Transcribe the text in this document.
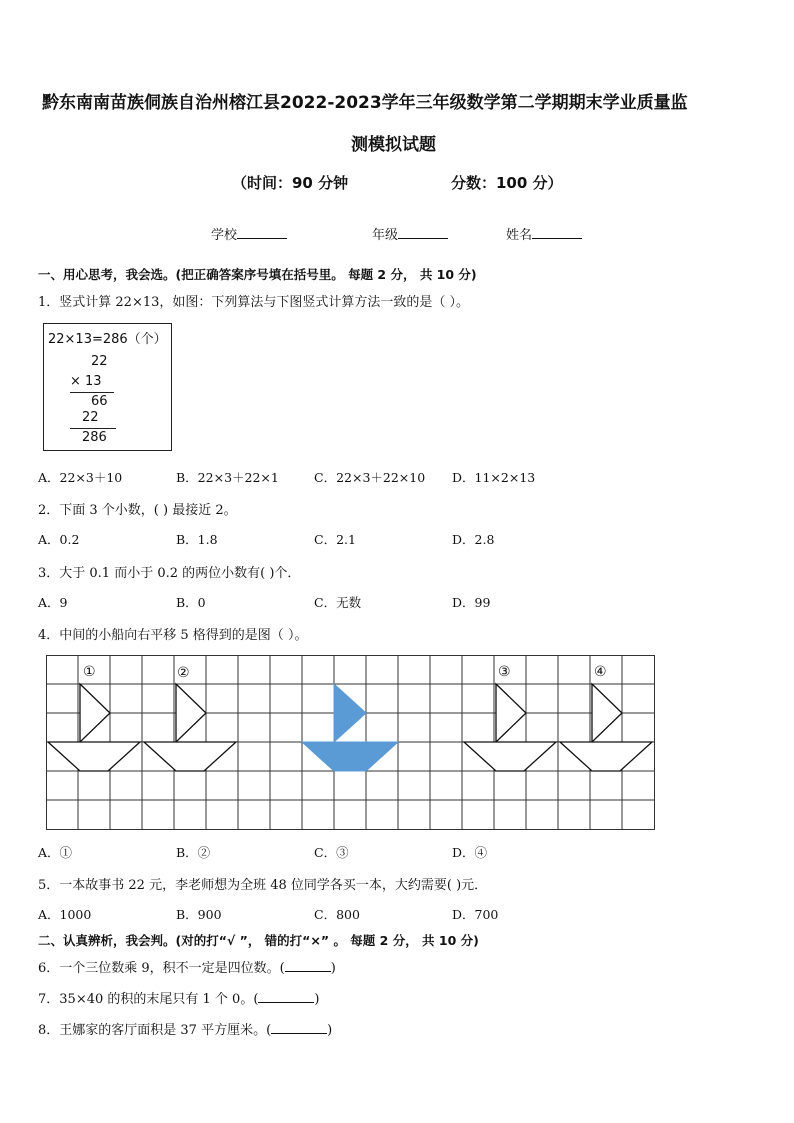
黔东南南苗族侗族自治州榕江县2022-2023学年三年级数学第二学期期末学业质量监
测模拟试题
（时间：90 分钟	分数：100 分）
学校	年级	姓名
一、用心思考，我会选。(把正确答案序号填在括号里。 每题 2 分， 共 10 分)
1．竖式计算 22×13，如图：下列算法与下图竖式计算方法一致的是（ ）。
22×13=286（个）
22
× 13
66
22
286
A．22×3＋10	B．22×3＋22×1	C．22×3＋22×10 D．11×2×13
2．下面 3 个小数，( ) 最接近 2。
A．0.2	B．1.8	C．2.1	D．2.8
3．大于 0.1 而小于 0.2 的两位小数有( )个．
A．9	B．0	C．无数	D．99
4．中间的小船向右平移 5 格得到的是图（ ）。
①	②	③	④
A．①	B．②	C．③	D．④
5．一本故事书 22 元，李老师想为全班 48 位同学各买一本，大约需要( )元．
A．1000	B．900	C．800	D．700
二、认真辨析，我会判。(对的打“√ ”， 错的打“×” 。 每题 2 分， 共 10 分)
6．一个三位数乘 9，积不一定是四位数。(	)
7．35×40 的积的末尾只有 1 个 0。(	)
8．王娜家的客厅面积是 37 平方厘米。(	)
